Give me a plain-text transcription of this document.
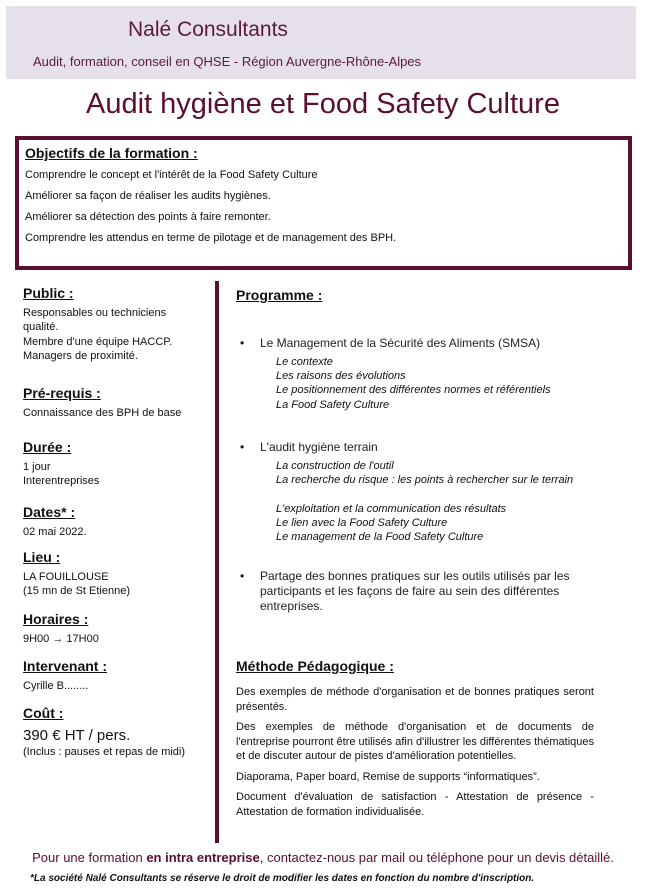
Nalé Consultants
Audit, formation, conseil en QHSE - Région Auvergne-Rhône-Alpes
Audit hygiène et Food Safety Culture
Objectifs de la formation :
Comprendre le concept et l'intérêt de la Food Safety Culture
Améliorer sa façon de réaliser les audits hygiènes.
Améliorer sa détection des points à faire remonter.
Comprendre les attendus en terme de pilotage et de management des BPH.
Public :
Responsables ou techniciens qualité.
Membre d'une équipe HACCP.
Managers de proximité.
Pré-requis :
Connaissance des BPH de base
Durée :
1 jour
Interentreprises
Dates* :
02 mai 2022.
Lieu :
LA FOUILLOUSE
(15 mn de St Etienne)
Horaires :
9H00 → 17H00
Intervenant :
Cyrille B........
Coût :
390 € HT / pers.
(Inclus : pauses et repas de midi)
Programme :
• Le Management de la Sécurité des Aliments (SMSA)
Le contexte
Les raisons des évolutions
Le positionnement des différentes normes et référentiels
La Food Safety Culture
• L'audit hygiène terrain
La construction de l'outil
La recherche du risque : les points à rechercher sur le terrain
L'exploitation et la communication des résultats
Le lien avec la Food Safety Culture
Le management de la Food Safety Culture
• Partage des bonnes pratiques sur les outils utilisés par les participants et les façons de faire au sein des différentes entreprises.
Méthode Pédagogique :

Des exemples de méthode d'organisation et de bonnes pratiques seront présentés.

Des exemples de méthode d'organisation et de documents de l'entreprise pourront être utilisés afin d'illustrer les différentes thématiques et de discuter autour de pistes d'amélioration potentielles.

Diaporama, Paper board, Remise de supports “informatiques”.

Document d'évaluation de satisfaction - Attestation de présence - Attestation de formation individualisée.

Pour une formation en intra entreprise, contactez-nous par mail ou téléphone pour un devis détaillé.
*La société Nalé Consultants se réserve le droit de modifier les dates en fonction du nombre d'inscription.
